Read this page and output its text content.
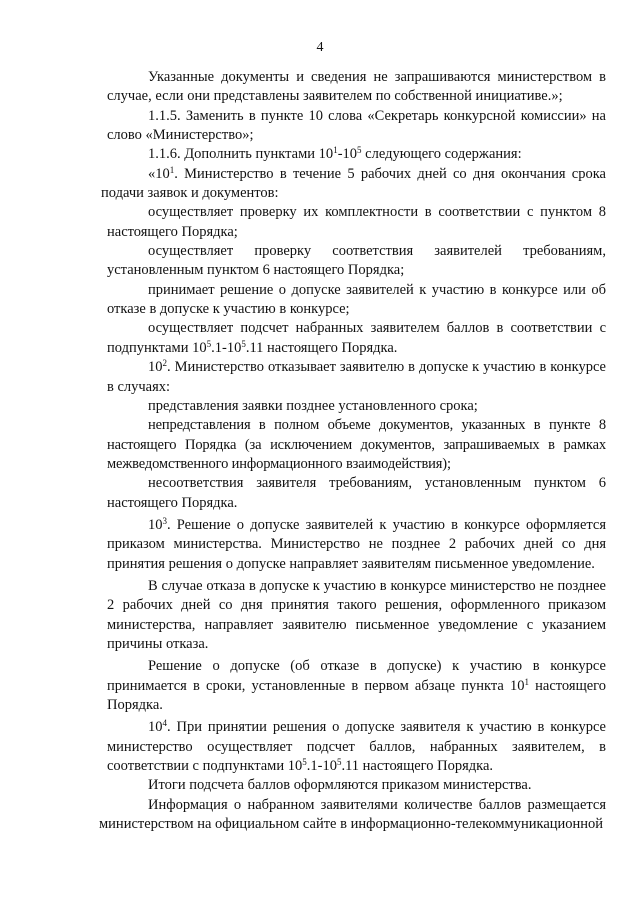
4

Указанные документы и сведения не запрашиваются министерством в случае, если они представлены заявителем по собственной инициативе.»;

1.1.5. Заменить в пункте 10 слова «Секретарь конкурсной комиссии» на слово «Министерство»;

1.1.6. Дополнить пунктами $10^1-10^5$ следующего содержания:

«$10^1$. Министерство в течение 5 рабочих дней со дня окончания срока подачи заявок и документов:

осуществляет проверку их комплектности в соответствии с пунктом 8 настоящего Порядка;

осуществляет проверку соответствия заявителей требованиям, установленным пунктом 6 настоящего Порядка;

принимает решение о допуске заявителей к участию в конкурсе или об отказе в допуске к участию в конкурсе;

осуществляет подсчет набранных заявителем баллов в соответствии с подпунктами $10^5.1-10^5.11$ настоящего Порядка.

$10^2$. Министерство отказывает заявителю в допуске к участию в конкурсе в случаях:

представления заявки позднее установленного срока;

непредставления в полном объеме документов, указанных в пункте 8 настоящего Порядка (за исключением документов, запрашиваемых в рамках межведомственного информационного взаимодействия);

несоответствия заявителя требованиям, установленным пунктом 6 настоящего Порядка.

$10^3$. Решение о допуске заявителей к участию в конкурсе оформляется приказом министерства. Министерство не позднее 2 рабочих дней со дня принятия решения о допуске направляет заявителям письменное уведомление.

В случае отказа в допуске к участию в конкурсе министерство не позднее 2 рабочих дней со дня принятия такого решения, оформленного приказом министерства, направляет заявителю письменное уведомление с указанием причины отказа.

Решение о допуске (об отказе в допуске) к участию в конкурсе принимается в сроки, установленные в первом абзаце пункта $10^1$ настоящего Порядка.

$10^4$. При принятии решения о допуске заявителя к участию в конкурсе министерство осуществляет подсчет баллов, набранных заявителем, в соответствии с подпунктами $10^5.1-10^5.11$ настоящего Порядка.

Итоги подсчета баллов оформляются приказом министерства.

Информация о набранном заявителями количестве баллов размещается министерством на официальном сайте в информационно-телекоммуникационной
